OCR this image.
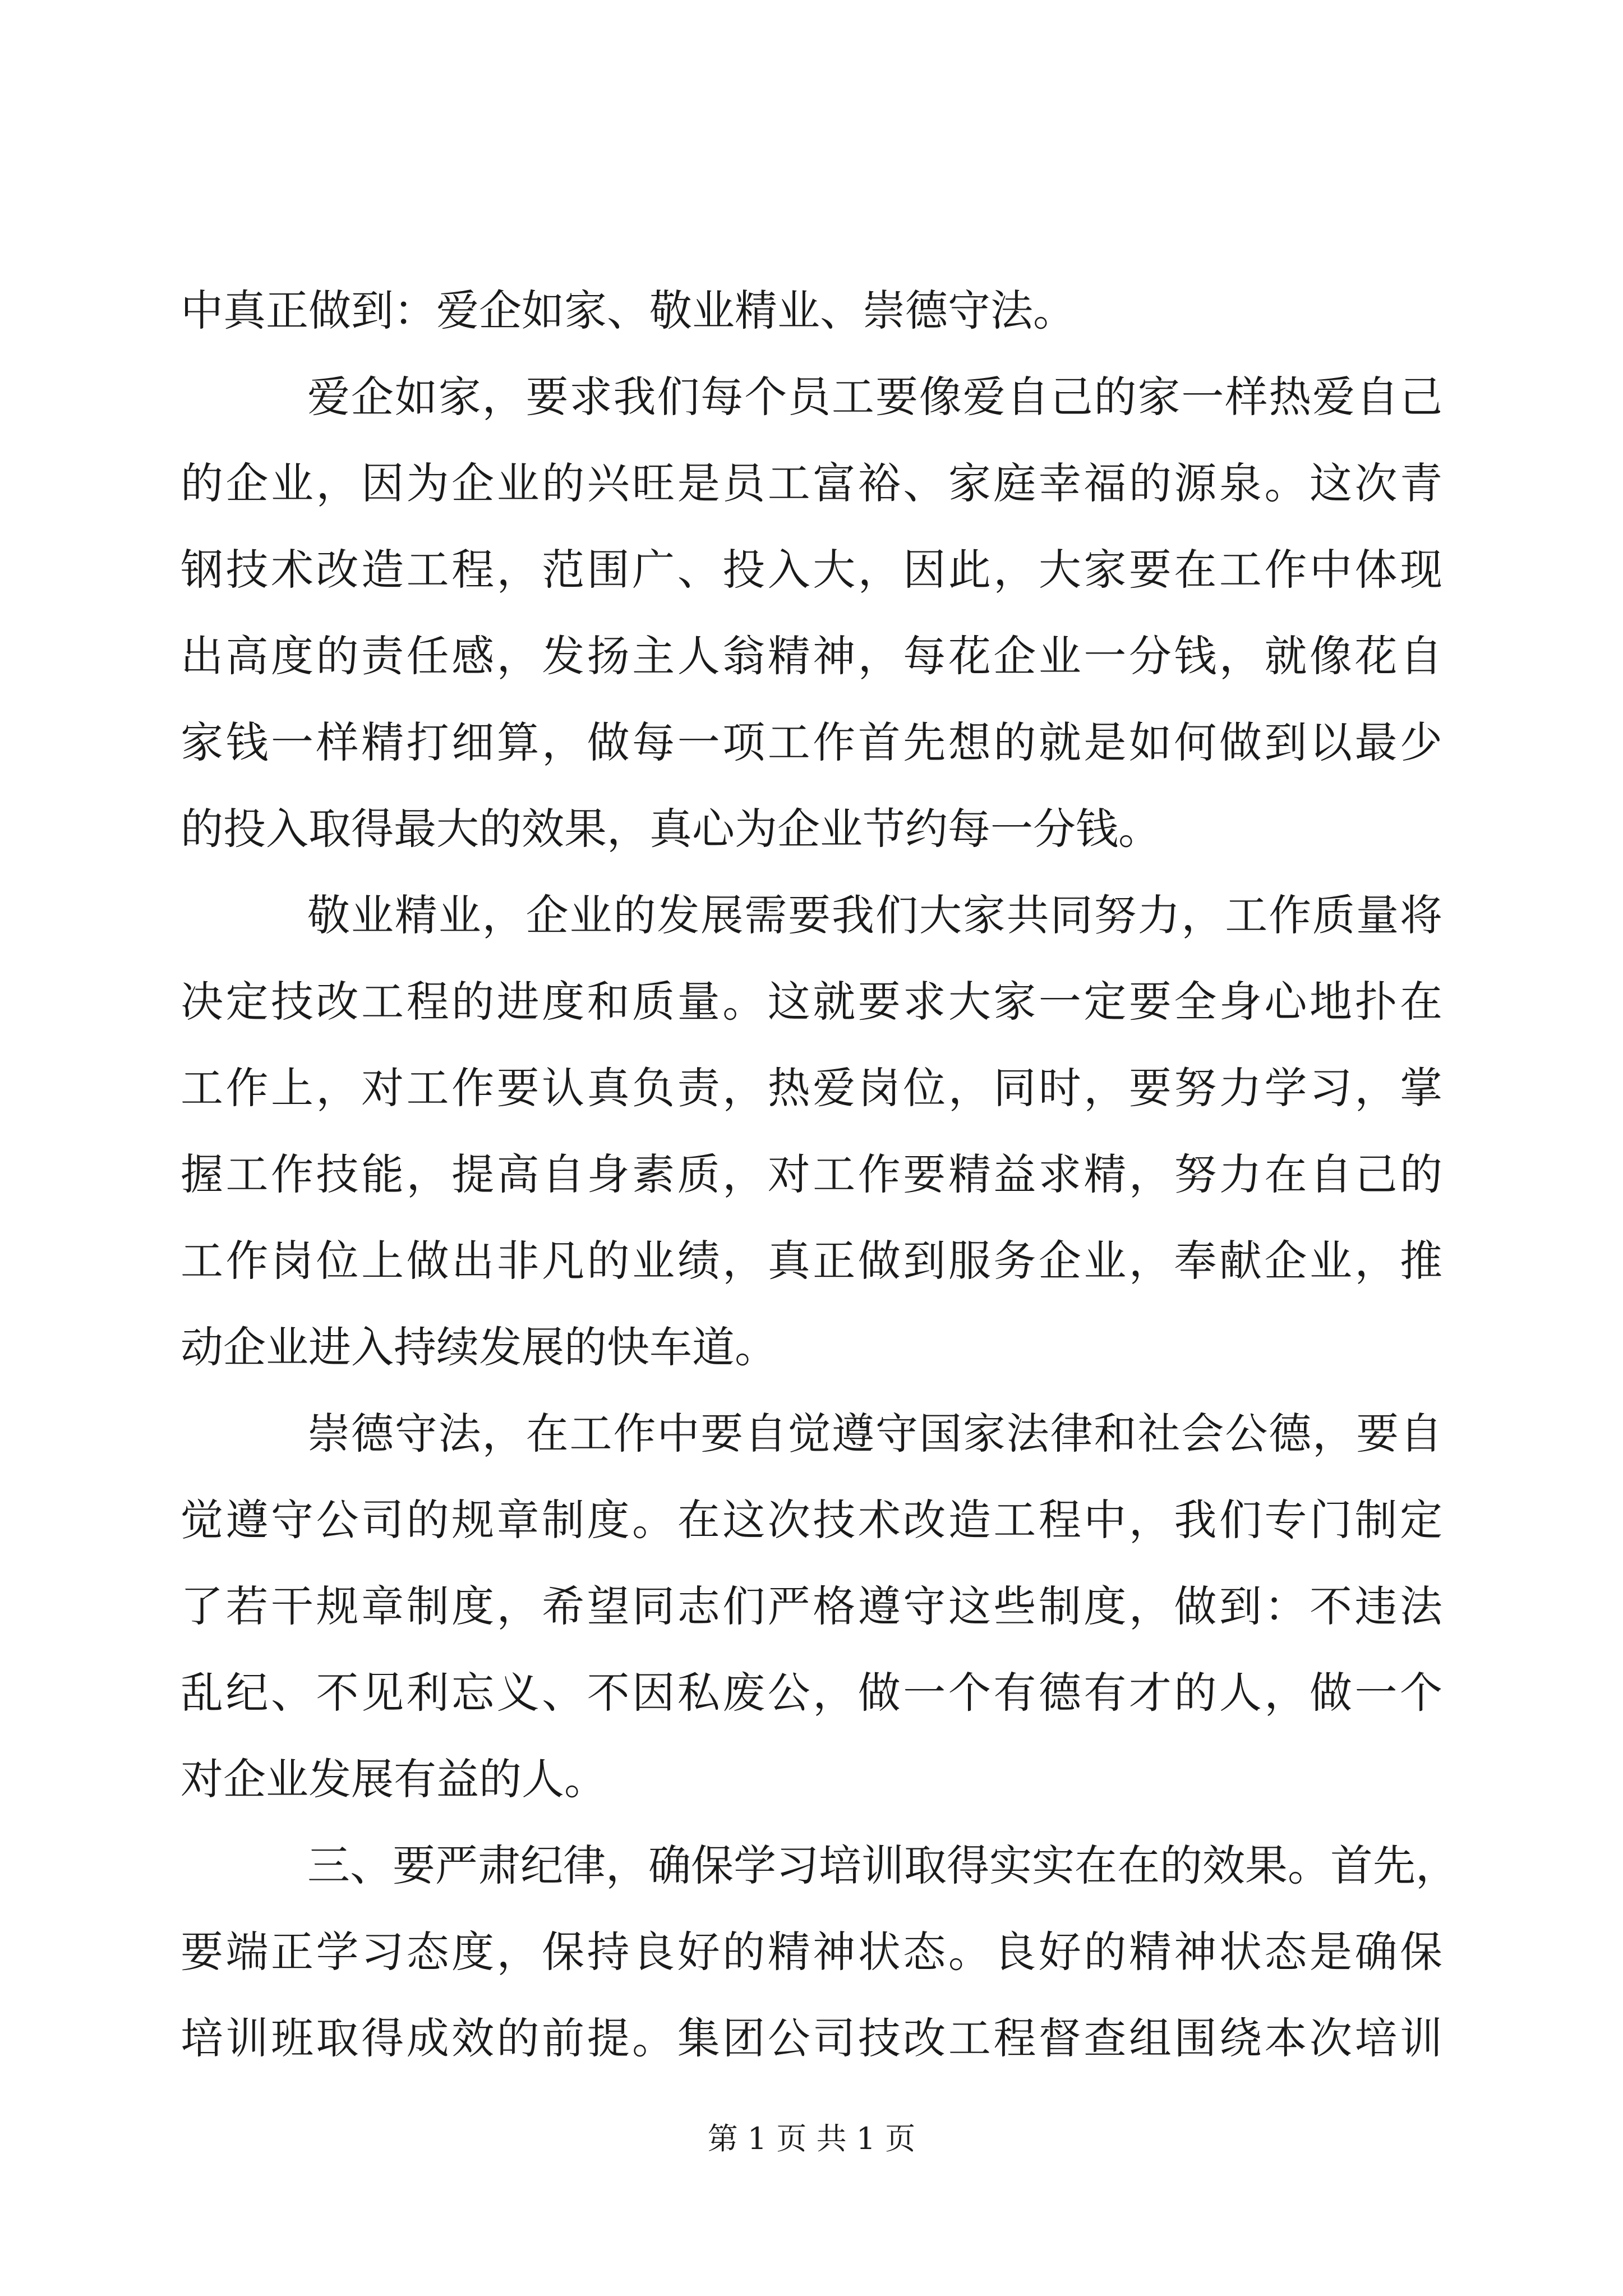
中真正做到：爱企如家、敬业精业、崇德守法。
爱企如家，要求我们每个员工要像爱自己的家一样热爱自己
的企业，因为企业的兴旺是员工富裕、家庭幸福的源泉。这次青
钢技术改造工程，范围广、投入大，因此，大家要在工作中体现
出高度的责任感，发扬主人翁精神，每花企业一分钱，就像花自
家钱一样精打细算，做每一项工作首先想的就是如何做到以最少
的投入取得最大的效果，真心为企业节约每一分钱。
敬业精业，企业的发展需要我们大家共同努力，工作质量将
决定技改工程的进度和质量。这就要求大家一定要全身心地扑在
工作上，对工作要认真负责，热爱岗位，同时，要努力学习，掌
握工作技能，提高自身素质，对工作要精益求精，努力在自己的
工作岗位上做出非凡的业绩，真正做到服务企业，奉献企业，推
动企业进入持续发展的快车道。
崇德守法，在工作中要自觉遵守国家法律和社会公德，要自
觉遵守公司的规章制度。在这次技术改造工程中，我们专门制定
了若干规章制度，希望同志们严格遵守这些制度，做到：不违法
乱纪、不见利忘义、不因私废公，做一个有德有才的人，做一个
对企业发展有益的人。
三、要严肃纪律，确保学习培训取得实实在在的效果。首先，
要端正学习态度，保持良好的精神状态。良好的精神状态是确保
培训班取得成效的前提。集团公司技改工程督查组围绕本次培训
第 1 页 共 1 页
